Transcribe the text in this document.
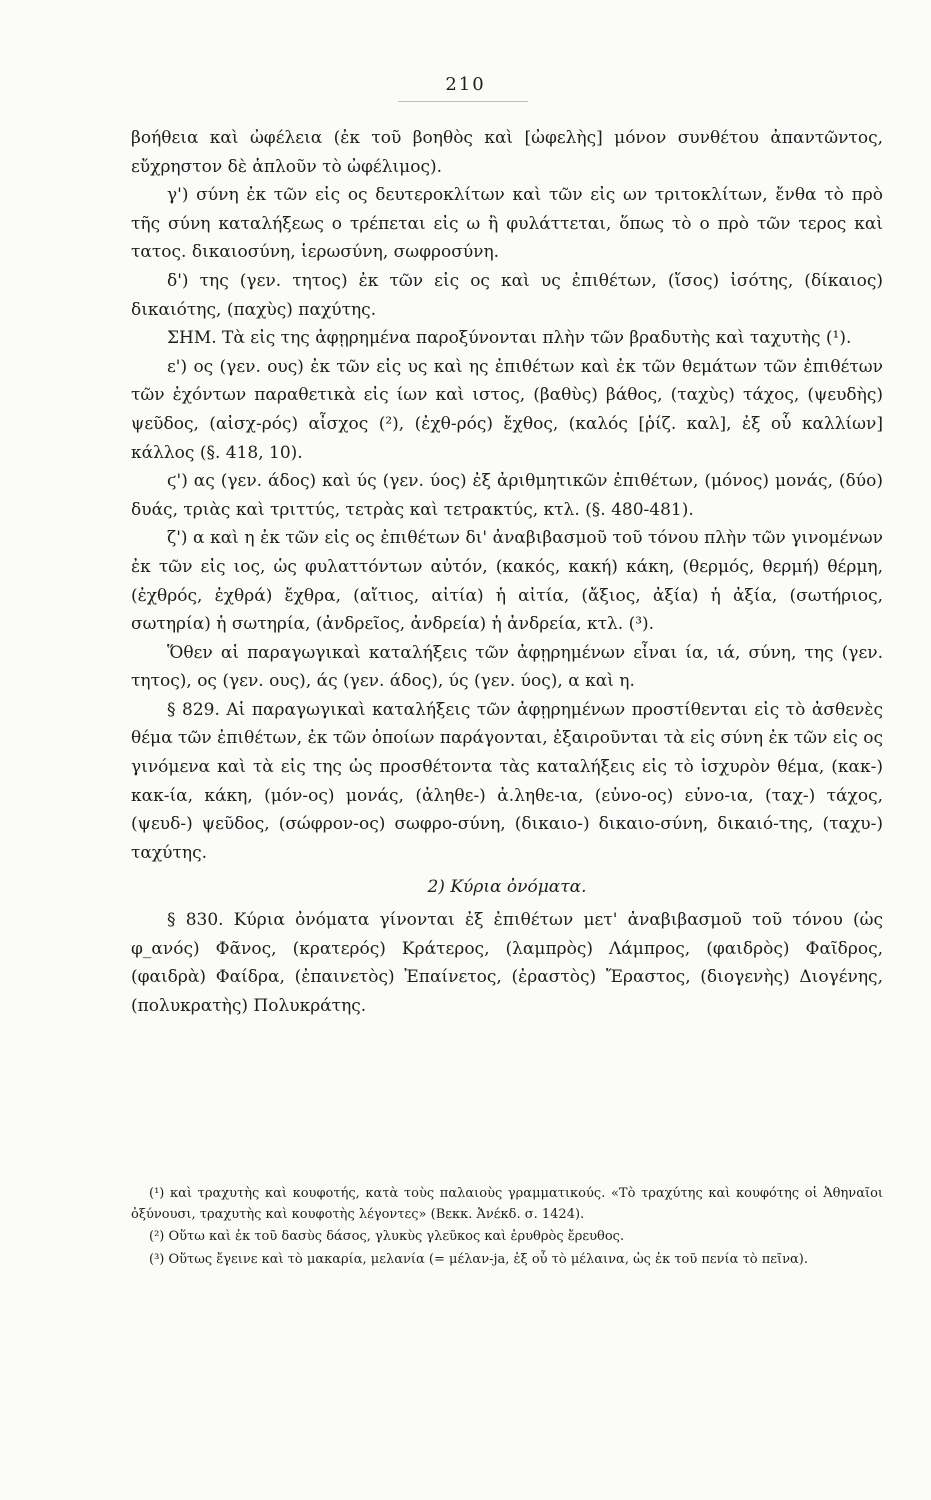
210

βοήθεια καὶ ὠφέλεια (ἐκ τοῦ βοηθὸς καὶ [ὠφελὴς] μόνον συνθέτου ἀπαντῶντος, εὔχρηστον δὲ ἁπλοῦν τὸ ὠφέλιμος).

γ') σύνη ἐκ τῶν εἰς ος δευτεροκλίτων καὶ τῶν εἰς ων τριτοκλίτων, ἔνθα τὸ πρὸ τῆς σύνη καταλήξεως ο τρέπεται εἰς ω ἢ φυλάττεται, ὅπως τὸ ο πρὸ τῶν τερος καὶ τατος. δικαιοσύνη, ἱερωσύνη, σωφροσύνη.

δ') της (γεν. τητος) ἐκ τῶν εἰς ος καὶ υς ἐπιθέτων, (ἴσος) ἰσότης, (δίκαιος) δικαιότης, (παχὺς) παχύτης.

ΣΗΜ. Τὰ εἰς της ἀφῃρημένα παροξύνονται πλὴν τῶν βραδυτὴς καὶ ταχυτὴς (¹).

ε') ος (γεν. ους) ἐκ τῶν εἰς υς καὶ ης ἐπιθέτων καὶ ἐκ τῶν θεμάτων τῶν ἐπιθέτων τῶν ἐχόντων παραθετικὰ εἰς ίων καὶ ιστος, (βαθὺς) βάθος, (ταχὺς) τάχος, (ψευδὴς) ψεῦδος, (αἰσχ-ρός) αἶσχος (²), (ἐχθ-ρός) ἔχθος, (καλός [ῥίζ. καλ], ἐξ οὗ καλλίων] κάλλος (§. 418, 10).

ϛ') ας (γεν. άδος) καὶ ύς (γεν. ύος) ἐξ ἀριθμητικῶν ἐπιθέτων, (μόνος) μονάς, (δύο) δυάς, τριὰς καὶ τριττύς, τετρὰς καὶ τετρακτύς, κτλ. (§. 480-481).

ζ') α καὶ η ἐκ τῶν εἰς ος ἐπιθέτων δι' ἀναβιβασμοῦ τοῦ τόνου πλὴν τῶν γινομένων ἐκ τῶν εἰς ιος, ὡς φυλαττόντων αὐτόν, (κακός, κακή) κάκη, (θερμός, θερμή) θέρμη, (ἐχθρός, ἐχθρά) ἔχθρα, (αἴτιος, αἰτία) ἡ αἰτία, (ἄξιος, ἀξία) ἡ ἀξία, (σωτήριος, σωτηρία) ἡ σωτηρία, (ἀνδρεῖος, ἀνδρεία) ἡ ἀνδρεία, κτλ. (³).

Ὅθεν αἱ παραγωγικαὶ καταλήξεις τῶν ἀφῃρημένων εἶναι ία, ιά, σύνη, της (γεν. τητος), ος (γεν. ους), άς (γεν. άδος), ύς (γεν. ύος), α καὶ η.

§ 829. Αἱ παραγωγικαὶ καταλήξεις τῶν ἀφῃρημένων προστίθενται εἰς τὸ ἀσθενὲς θέμα τῶν ἐπιθέτων, ἐκ τῶν ὁποίων παράγονται, ἐξαιροῦνται τὰ εἰς σύνη ἐκ τῶν εἰς ος γινόμενα καὶ τὰ εἰς της ὡς προσθέτοντα τὰς καταλήξεις εἰς τὸ ἰσχυρὸν θέμα, (κακ-) κακ-ία, κάκη, (μόν-ος) μονάς, (ἀληθε-) ἀ.ληθε-ια, (εὐνο-ος) εὐνο-ια, (ταχ-) τάχος, (ψευδ-) ψεῦδος, (σώφρον-ος) σωφρο-σύνη, (δικαιο-) δικαιο-σύνη, δικαιό-της, (ταχυ-) ταχύτης.

2) Κύρια ὀνόματα.

§ 830. Κύρια ὀνόματα γίνονται ἐξ ἐπιθέτων μετ' ἀναβιβασμοῦ τοῦ τόνου (ὡς φ_ανός) Φᾶνος, (κρατερός) Κράτερος, (λαμπρὸς) Λάμπρος, (φαιδρὸς) Φαῖδρος, (φαιδρὰ) Φαίδρα, (ἐπαινετὸς) Ἐπαίνετος, (ἐραστὸς) Ἔραστος, (διογενὴς) Διογένης, (πολυκρατὴς) Πολυκράτης.

(¹) καὶ τραχυτὴς καὶ κουφοτής, κατὰ τοὺς παλαιοὺς γραμματικούς. «Τὸ τραχύτης καὶ κουφότης οἱ Ἀθηναῖοι ὀξύνουσι, τραχυτὴς καὶ κουφοτὴς λέγοντες» (Βεκκ. Ἀνέκδ. σ. 1424).

(²) Οὕτω καὶ ἐκ τοῦ δασὺς δάσος, γλυκὺς γλεῦκος καὶ ἐρυθρὸς ἔρευθος.

(³) Οὕτως ἔγεινε καὶ τὸ μακαρία, μελανία (= μέλαν-ja, ἐξ οὗ τὸ μέλαινα, ὡς ἐκ τοῦ πενία τὸ πεῖνα).
